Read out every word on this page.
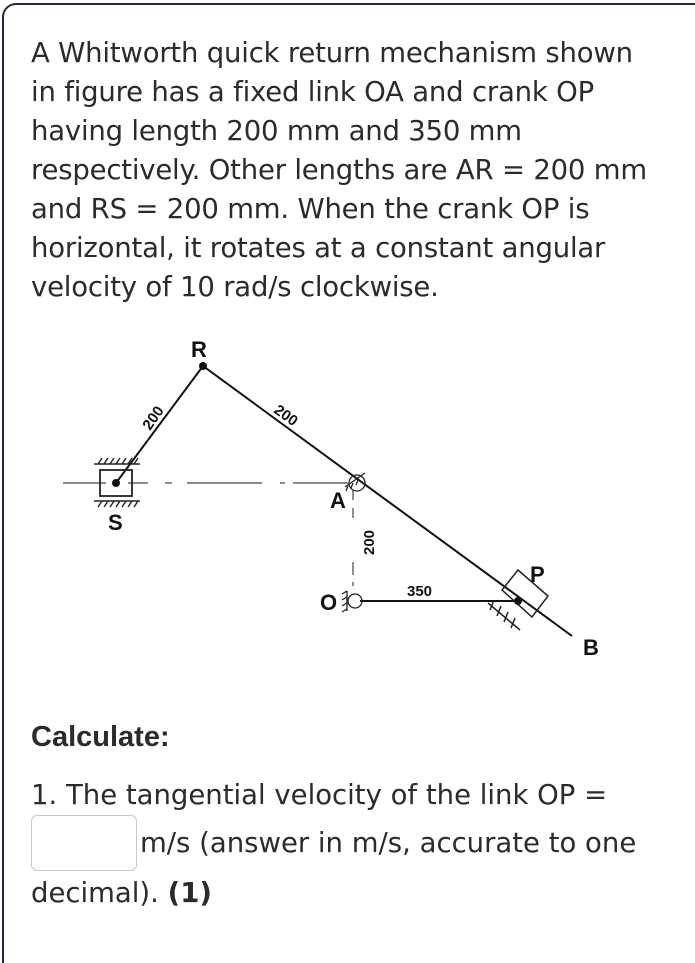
A Whitworth quick return mechanism shown
in figure has a fixed link OA and crank OP
having length 200 mm and 350 mm
respectively. Other lengths are AR = 200 mm
and RS = 200 mm. When the crank OP is
horizontal, it rotates at a constant angular
velocity of 10 rad/s clockwise.

R
S
A
O
P
B
200	200
200
350
Calculate:
1. The tangential velocity of the link OP =
m/s (answer in m/s, accurate to one
decimal). (1)
